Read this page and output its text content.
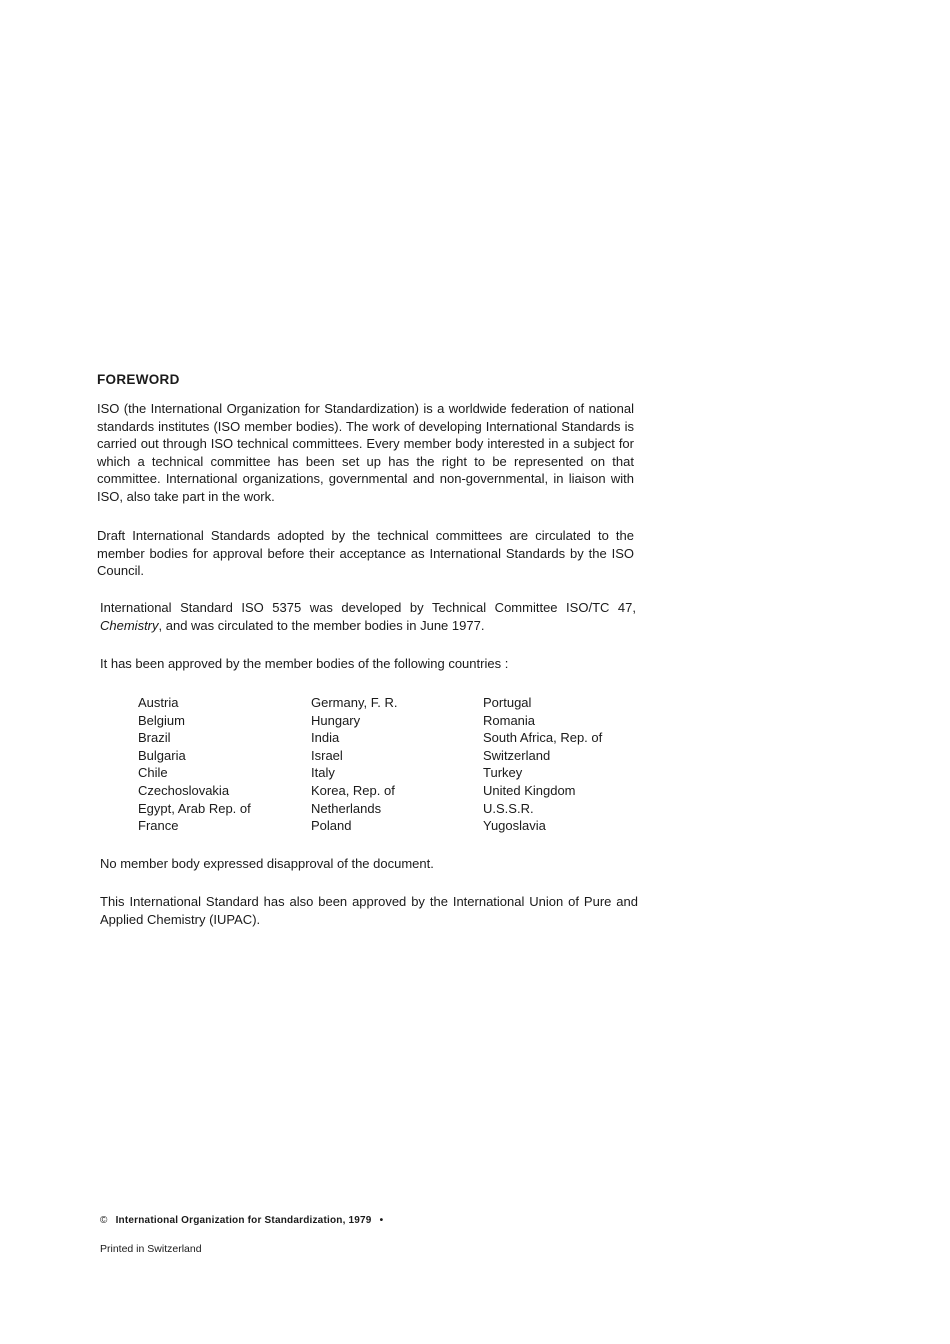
FOREWORD
ISO (the International Organization for Standardization) is a worldwide federation of national standards institutes (ISO member bodies). The work of developing International Standards is carried out through ISO technical committees. Every member body interested in a subject for which a technical committee has been set up has the right to be represented on that committee. International organizations, governmental and non-governmental, in liaison with ISO, also take part in the work.
Draft International Standards adopted by the technical committees are circulated to the member bodies for approval before their acceptance as International Standards by the ISO Council.
International Standard ISO 5375 was developed by Technical Committee ISO/TC 47, Chemistry, and was circulated to the member bodies in June 1977.
It has been approved by the member bodies of the following countries :
Austria
Belgium
Brazil
Bulgaria
Chile
Czechoslovakia
Egypt, Arab Rep. of
France
Germany, F. R.
Hungary
India
Israel
Italy
Korea, Rep. of
Netherlands
Poland
Portugal
Romania
South Africa, Rep. of
Switzerland
Turkey
United Kingdom
U.S.S.R.
Yugoslavia
No member body expressed disapproval of the document.
This International Standard has also been approved by the International Union of Pure and Applied Chemistry (IUPAC).
© International Organization for Standardization, 1979 •
Printed in Switzerland
